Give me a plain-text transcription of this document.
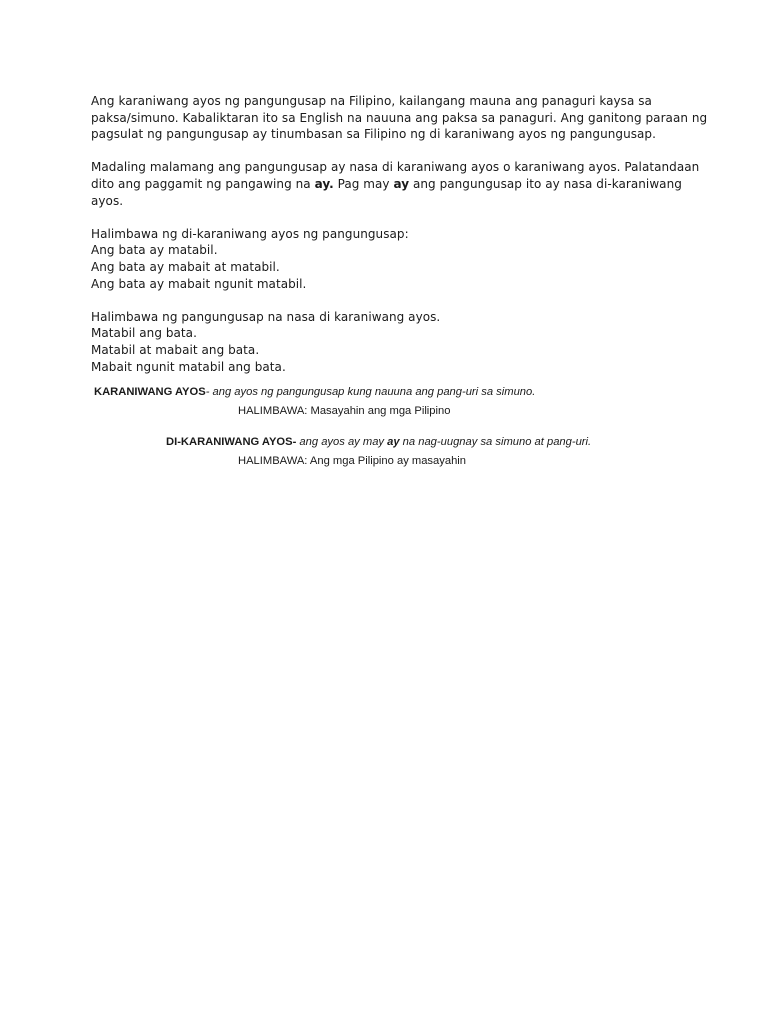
Ang karaniwang ayos ng pangungusap na Filipino, kailangang mauna ang panaguri kaysa sa
paksa/simuno. Kabaliktaran ito sa English na nauuna ang paksa sa panaguri. Ang ganitong paraan ng
pagsulat ng pangungusap ay tinumbasan sa Filipino ng di karaniwang ayos ng pangungusap.

Madaling malamang ang pangungusap ay nasa di karaniwang ayos o karaniwang ayos. Palatandaan
dito ang paggamit ng pangawing na ay. Pag may ay ang pangungusap ito ay nasa di-karaniwang
ayos.

Halimbawa ng di-karaniwang ayos ng pangungusap:
Ang bata ay matabil.
Ang bata ay mabait at matabil.
Ang bata ay mabait ngunit matabil.

Halimbawa ng pangungusap na nasa di karaniwang ayos.
Matabil ang bata.
Matabil at mabait ang bata.
Mabait ngunit matabil ang bata.

KARANIWANG AYOS- ang ayos ng pangungusap kung nauuna ang pang-uri sa simuno.
HALIMBAWA: Masayahin ang mga Pilipino
DI-KARANIWANG AYOS- ang ayos ay may ay na nag-uugnay sa simuno at pang-uri.
HALIMBAWA: Ang mga Pilipino ay masayahin
